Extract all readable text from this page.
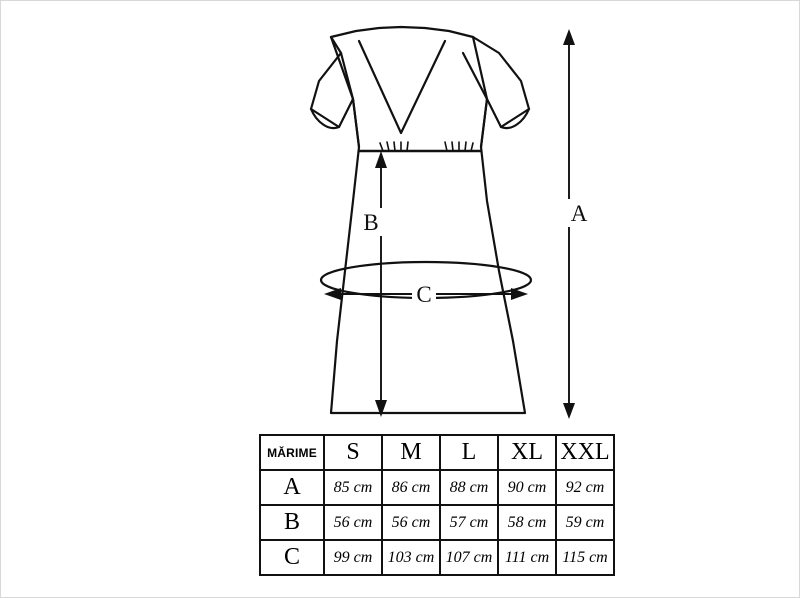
A
B
C
MĂRIME	S	M	L	XL	XXL
A	85 cm	86 cm	88 cm	90 cm	92 cm
B	56 cm	56 cm	57 cm	58 cm	59 cm
C	99 cm	103 cm	107 cm	111 cm	115 cm
